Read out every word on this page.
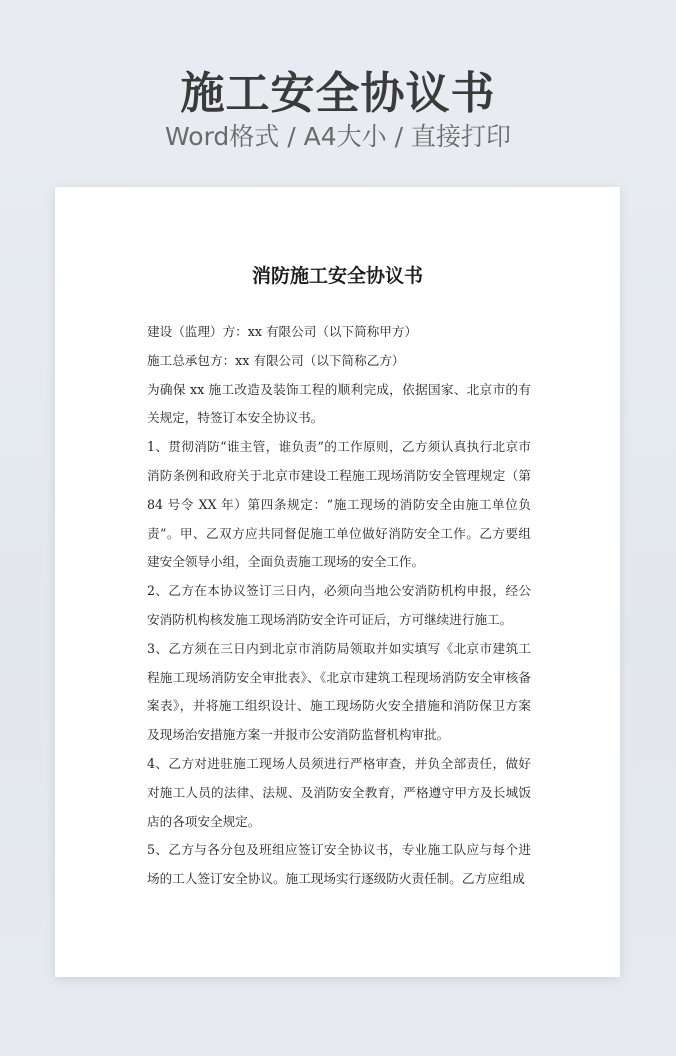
施工安全协议书
Word格式 / A4大小 / 直接打印
消防施工安全协议书

建设（监理）方：xx 有限公司（以下简称甲方）

施工总承包方：xx 有限公司（以下简称乙方）

为确保 xx 施工改造及装饰工程的顺利完成，依据国家、北京市的有关规定，特签订本安全协议书。

1、贯彻消防“谁主管，谁负责”的工作原则，乙方须认真执行北京市消防条例和政府关于北京市建设工程施工现场消防安全管理规定（第 84 号令 XX 年）第四条规定：“施工现场的消防安全由施工单位负责”。甲、乙双方应共同督促施工单位做好消防安全工作。乙方要组建安全领导小组，全面负责施工现场的安全工作。

2、乙方在本协议签订三日内，必须向当地公安消防机构申报，经公安消防机构核发施工现场消防安全许可证后，方可继续进行施工。

3、乙方须在三日内到北京市消防局领取并如实填写《北京市建筑工程施工现场消防安全审批表》、《北京市建筑工程现场消防安全审核备案表》，并将施工组织设计、施工现场防火安全措施和消防保卫方案及现场治安措施方案一并报市公安消防监督机构审批。

4、乙方对进驻施工现场人员须进行严格审查，并负全部责任，做好对施工人员的法律、法规、及消防安全教育，严格遵守甲方及长城饭店的各项安全规定。

5、乙方与各分包及班组应签订安全协议书，专业施工队应与每个进场的工人签订安全协议。施工现场实行逐级防火责任制。乙方应组成
